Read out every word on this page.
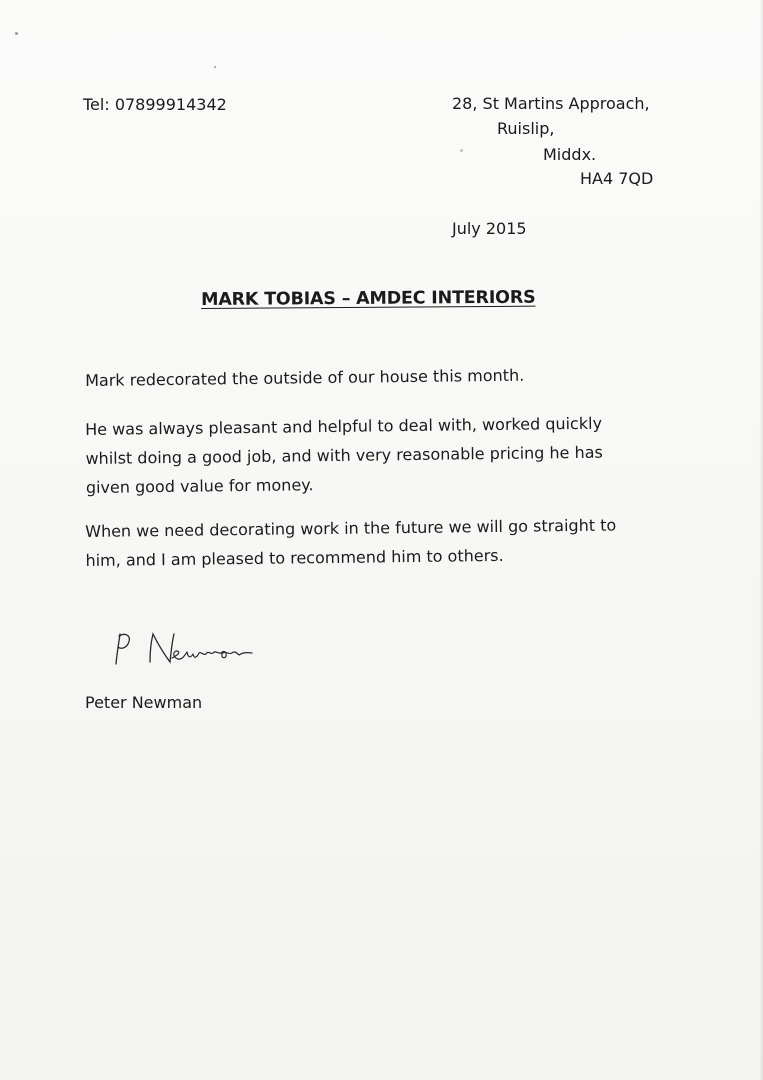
Tel: 07899914342	28, St Martins Approach,
Ruislip,
Middx.
HA4 7QD
July 2015
MARK TOBIAS – AMDEC INTERIORS
Mark redecorated the outside of our house this month.
He was always pleasant and helpful to deal with, worked quickly
whilst doing a good job, and with very reasonable pricing he has
given good value for money.
When we need decorating work in the future we will go straight to
him, and I am pleased to recommend him to others.
Peter Newman
